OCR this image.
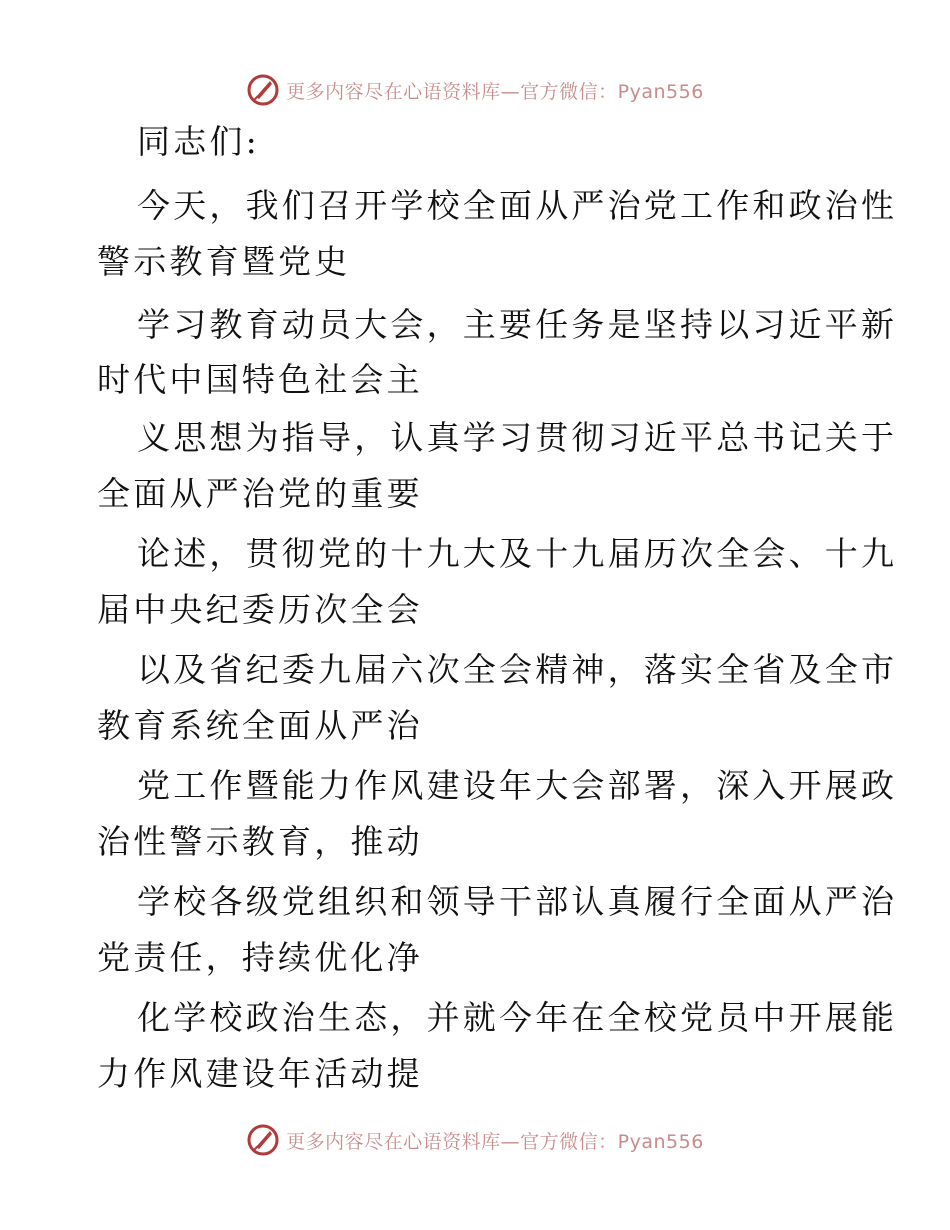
更多内容尽在心语资料库—官方微信：Pyan556
同志们:
今天，我们召开学校全面从严治党工作和政治性
警示教育暨党史
学习教育动员大会，主要任务是坚持以习近平新
时代中国特色社会主
义思想为指导，认真学习贯彻习近平总书记关于
全面从严治党的重要
论述，贯彻党的十九大及十九届历次全会、十九
届中央纪委历次全会
以及省纪委九届六次全会精神，落实全省及全市
教育系统全面从严治
党工作暨能力作风建设年大会部署，深入开展政
治性警示教育，推动
学校各级党组织和领导干部认真履行全面从严治
党责任，持续优化净
化学校政治生态，并就今年在全校党员中开展能
力作风建设年活动提
更多内容尽在心语资料库—官方微信：Pyan556
